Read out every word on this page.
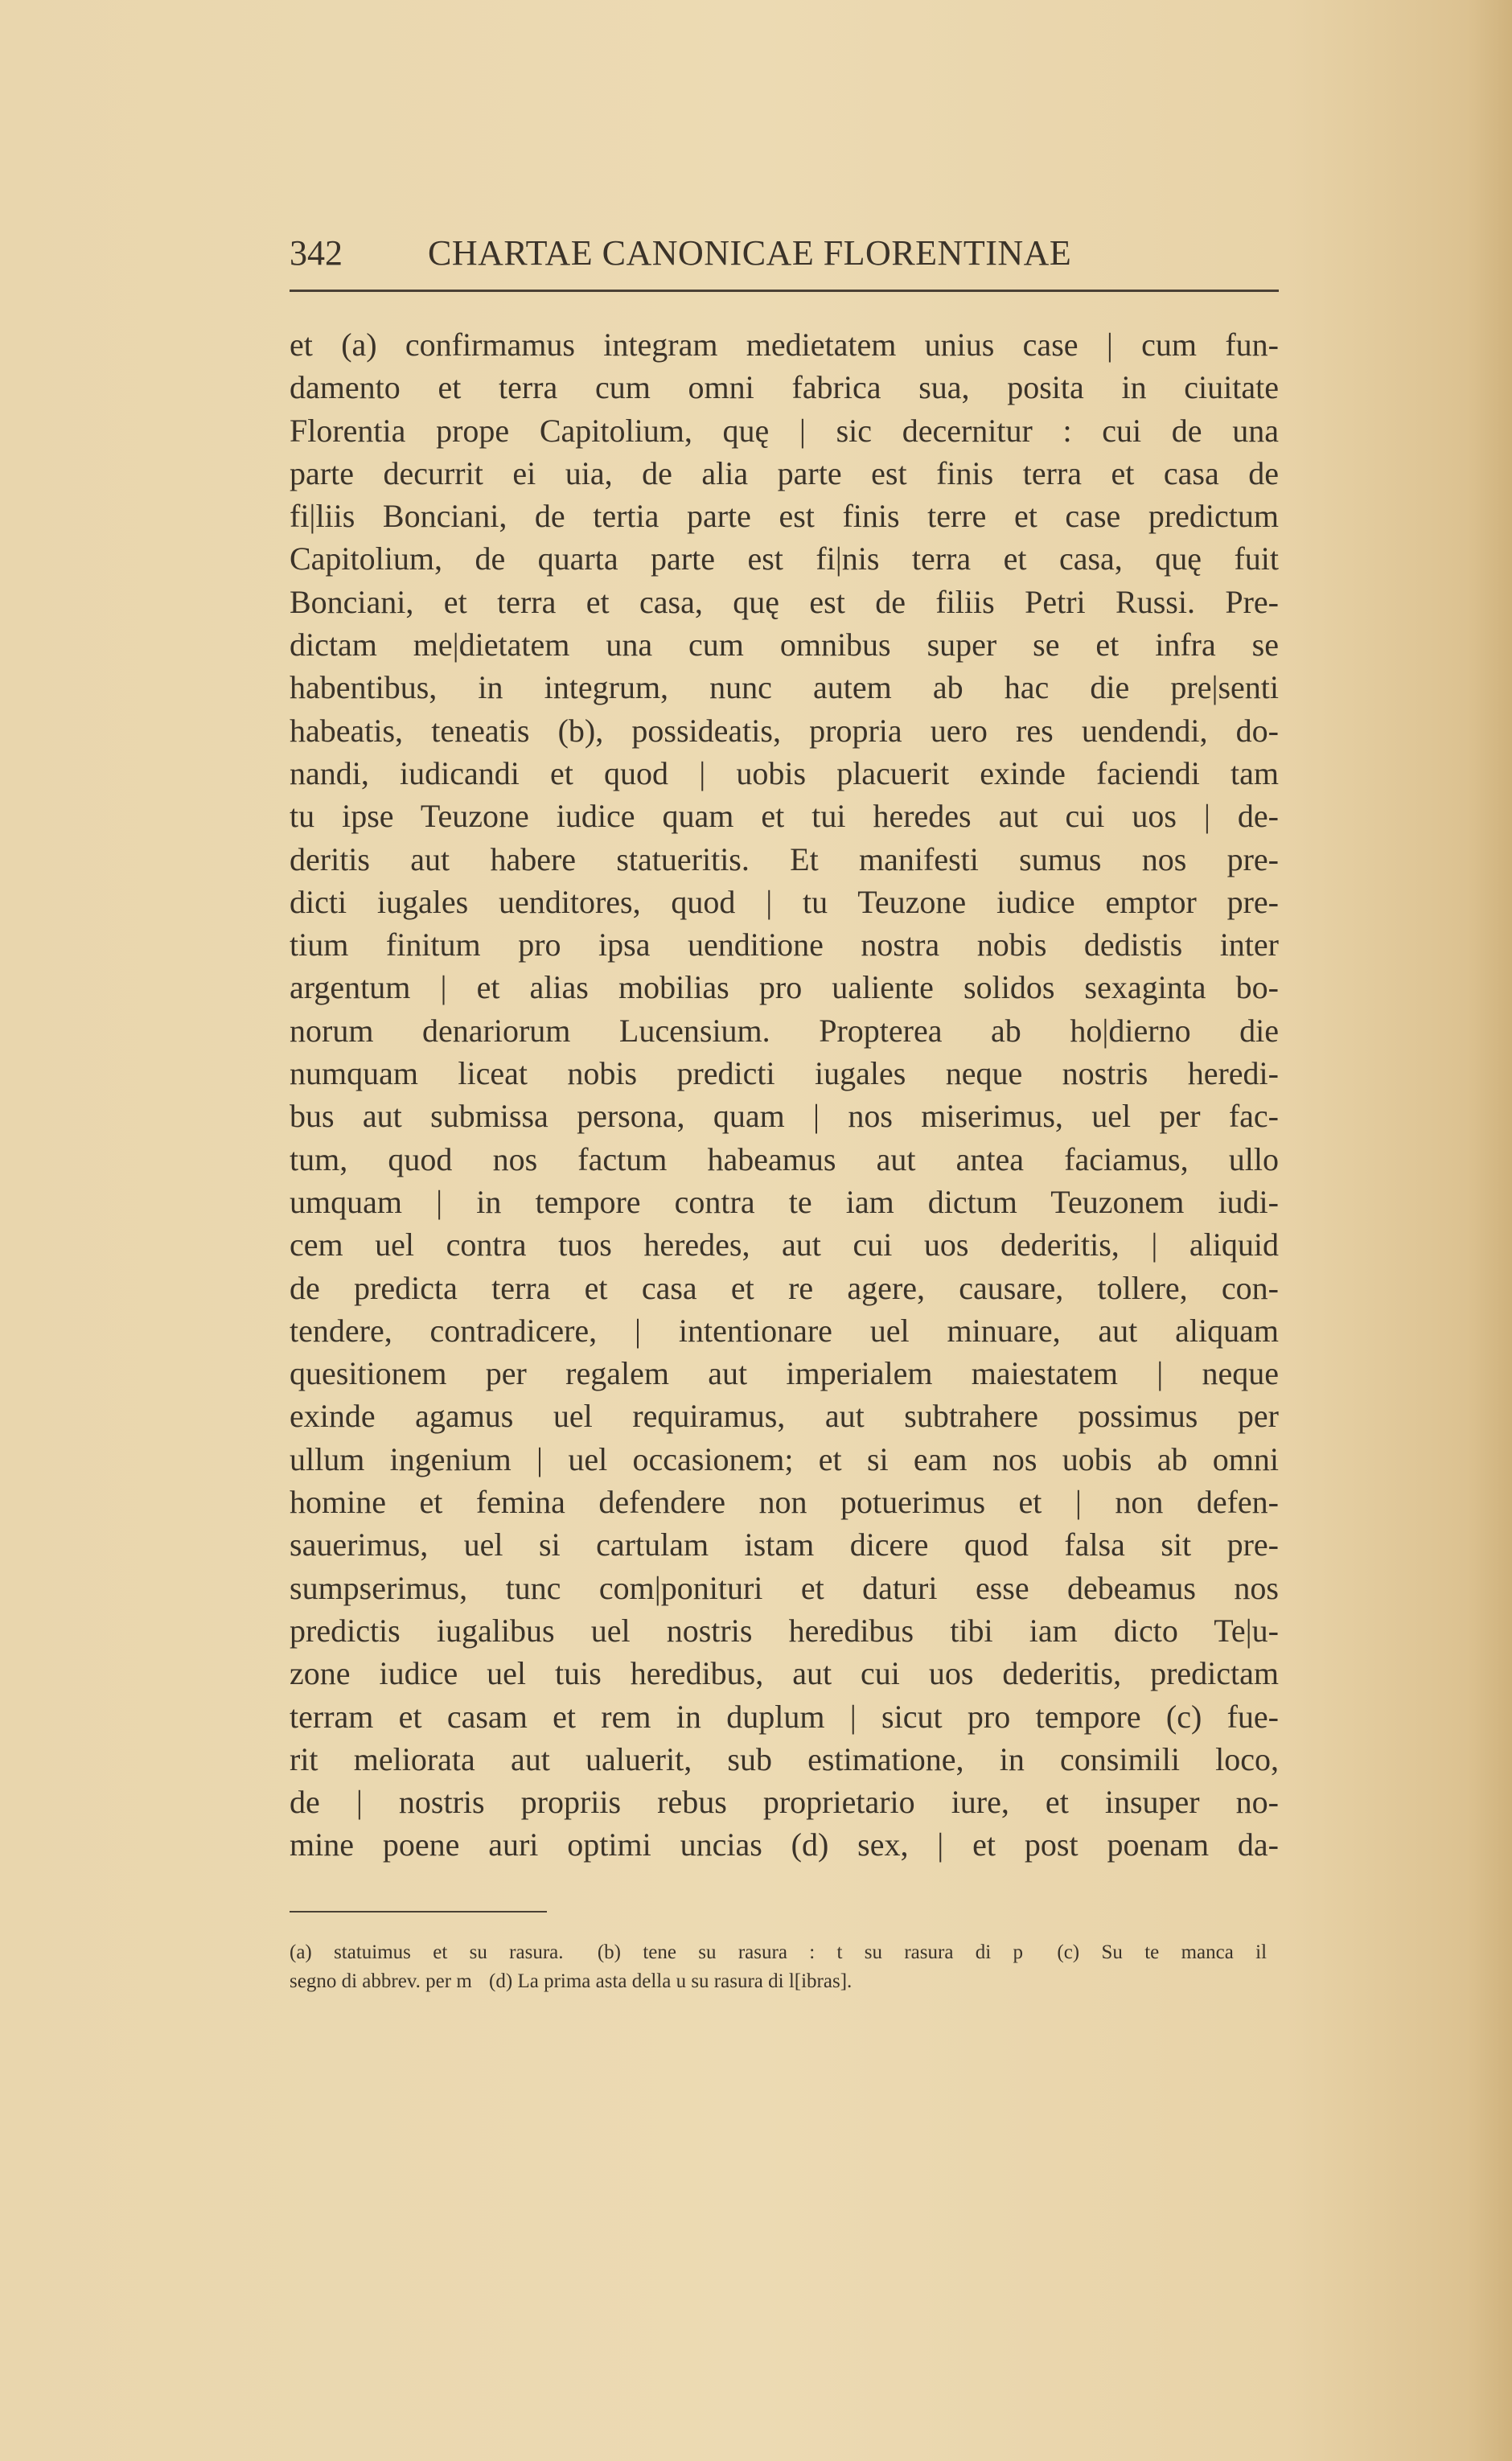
342 CHARTAE CANONICAE FLORENTINAE
et (a) confirmamus integram medietatem unius case | cum fun-
damento et terra cum omni fabrica sua, posita in ciuitate
Florentia prope Capitolium, quę | sic decernitur : cui de una
parte decurrit ei uia, de alia parte est finis terra et casa de
fi|liis Bonciani, de tertia parte est finis terre et case predictum
Capitolium, de quarta parte est fi|nis terra et casa, quę fuit
Bonciani, et terra et casa, quę est de filiis Petri Russi. Pre-
dictam me|dietatem una cum omnibus super se et infra se
habentibus, in integrum, nunc autem ab hac die pre|senti
habeatis, teneatis (b), possideatis, propria uero res uendendi, do-
nandi, iudicandi et quod | uobis placuerit exinde faciendi tam
tu ipse Teuzone iudice quam et tui heredes aut cui uos | de-
deritis aut habere statueritis. Et manifesti sumus nos pre-
dicti iugales uenditores, quod | tu Teuzone iudice emptor pre-
tium finitum pro ipsa uenditione nostra nobis dedistis inter
argentum | et alias mobilias pro ualiente solidos sexaginta bo-
norum denariorum Lucensium. Propterea ab ho|dierno die
numquam liceat nobis predicti iugales neque nostris heredi-
bus aut submissa persona, quam | nos miserimus, uel per fac-
tum, quod nos factum habeamus aut antea faciamus, ullo
umquam | in tempore contra te iam dictum Teuzonem iudi-
cem uel contra tuos heredes, aut cui uos dederitis, | aliquid
de predicta terra et casa et re agere, causare, tollere, con-
tendere, contradicere, | intentionare uel minuare, aut aliquam
quesitionem per regalem aut imperialem maiestatem | neque
exinde agamus uel requiramus, aut subtrahere possimus per
ullum ingenium | uel occasionem; et si eam nos uobis ab omni
homine et femina defendere non potuerimus et | non defen-
sauerimus, uel si cartulam istam dicere quod falsa sit pre-
sumpserimus, tunc com|ponituri et daturi esse debeamus nos
predictis iugalibus uel nostris heredibus tibi iam dicto Te|u-
zone iudice uel tuis heredibus, aut cui uos dederitis, predictam
terram et casam et rem in duplum | sicut pro tempore (c) fue-
rit meliorata aut ualuerit, sub estimatione, in consimili loco,
de | nostris propriis rebus proprietario iure, et insuper no-
mine poene auri optimi uncias (d) sex, | et post poenam da-
(a) statuimus et su rasura. (b) tene su rasura : t su rasura di p (c) Su te manca il
segno di abbrev. per m (d) La prima asta della u su rasura di l[ibras].
